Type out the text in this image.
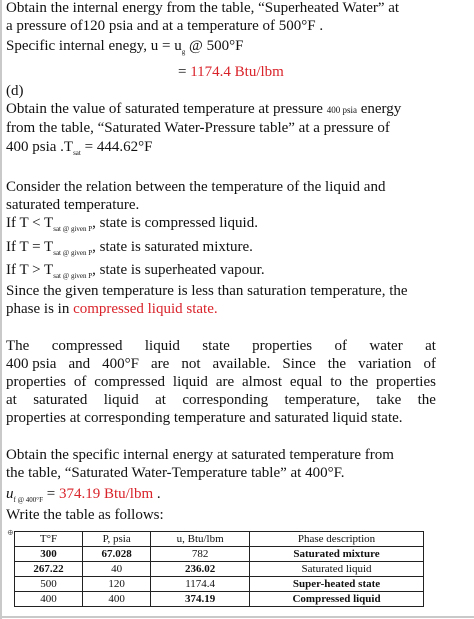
Obtain the internal energy from the table, “Superheated Water” at
a pressure of120 psia and at a temperature of 500°F .
Specific internal enegy, $u = u_g$ @ 500°F
= 1174.4 Btu/lbm
(d)
Obtain the value of saturated temperature at pressure 400 psia energy
from the table, “Saturated Water-Pressure table” at a pressure of
400 psia $.T_{sat} = 444.62^\circ F$
Consider the relation between the temperature of the liquid and
saturated temperature.
If $T < T_{sat @ given P}$, state is compressed liquid.
If $T = T_{sat @ given P}$, state is saturated mixture.
If $T > T_{sat @ given P}$, state is superheated vapour.
Since the given temperature is less than saturation temperature, the
phase is in compressed liquid state.
The compressed liquid state properties of water at
400 psia and 400°F are not available. Since the variation of
properties of compressed liquid are almost equal to the properties
at saturated liquid at corresponding temperature, take the
properties at corresponding temperature and saturated liquid state.
Obtain the specific internal energy at saturated temperature from
the table, “Saturated Water-Temperature table” at 400°F.
$u_{f @ 400^\circ F} = 374.19$ Btu/lbm .
Write the table as follows:
⊕
T°F	P, psia	u, Btu/lbm	Phase description
300	67.028	782	Saturated mixture
267.22	40	236.02	Saturated liquid
500	120	1174.4	Super-heated state
400	400	374.19	Compressed liquid
